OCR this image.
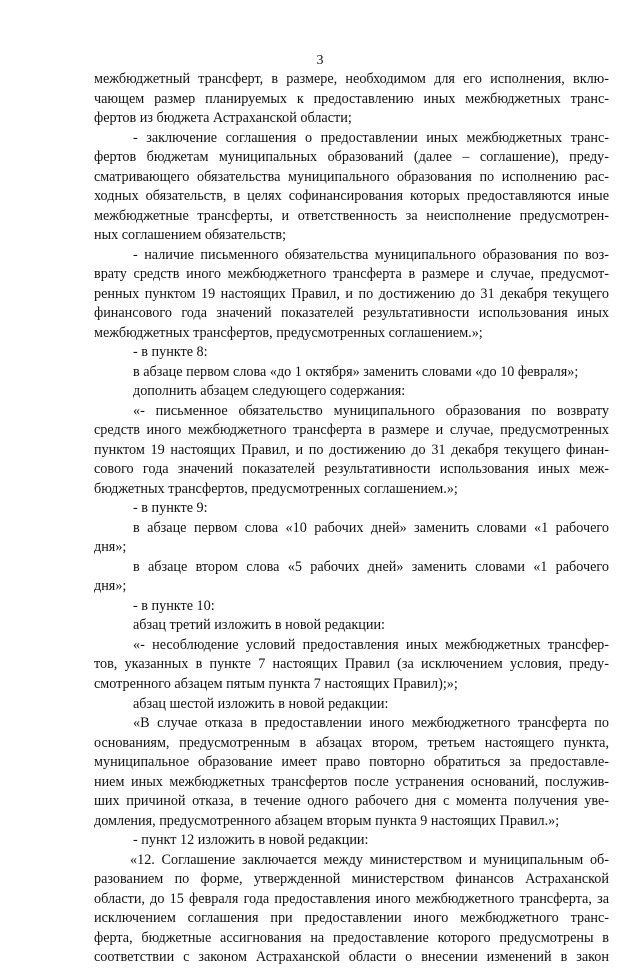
3
межбюджетный трансферт, в размере, необходимом для его исполнения, вклю-
чающем размер планируемых к предоставлению иных межбюджетных транс-
фертов из бюджета Астраханской области;
- заключение соглашения о предоставлении иных межбюджетных транс-
фертов бюджетам муниципальных образований (далее – соглашение), преду-
сматривающего обязательства муниципального образования по исполнению рас-
ходных обязательств, в целях софинансирования которых предоставляются иные
межбюджетные трансферты, и ответственность за неисполнение предусмотрен-
ных соглашением обязательств;
- наличие письменного обязательства муниципального образования по воз-
врату средств иного межбюджетного трансферта в размере и случае, предусмот-
ренных пунктом 19 настоящих Правил, и по достижению до 31 декабря текущего
финансового года значений показателей результативности использования иных
межбюджетных трансфертов, предусмотренных соглашением.»;
- в пункте 8:
в абзаце первом слова «до 1 октября» заменить словами «до 10 февраля»;
дополнить абзацем следующего содержания:
«- письменное обязательство муниципального образования по возврату
средств иного межбюджетного трансферта в размере и случае, предусмотренных
пунктом 19 настоящих Правил, и по достижению до 31 декабря текущего финан-
сового года значений показателей результативности использования иных меж-
бюджетных трансфертов, предусмотренных соглашением.»;
- в пункте 9:
в абзаце первом слова «10 рабочих дней» заменить словами «1 рабочего
дня»;
в абзаце втором слова «5 рабочих дней» заменить словами «1 рабочего
дня»;
- в пункте 10:
абзац третий изложить в новой редакции:
«- несоблюдение условий предоставления иных межбюджетных трансфер-
тов, указанных в пункте 7 настоящих Правил (за исключением условия, преду-
смотренного абзацем пятым пункта 7 настоящих Правил);»;
абзац шестой изложить в новой редакции:
«В случае отказа в предоставлении иного межбюджетного трансферта по
основаниям, предусмотренным в абзацах втором, третьем настоящего пункта,
муниципальное образование имеет право повторно обратиться за предоставле-
нием иных межбюджетных трансфертов после устранения оснований, послужив-
ших причиной отказа, в течение одного рабочего дня с момента получения уве-
домления, предусмотренного абзацем вторым пункта 9 настоящих Правил.»;
- пункт 12 изложить в новой редакции:
«12. Соглашение заключается между министерством и муниципальным об-
разованием по форме, утвержденной министерством финансов Астраханской
области, до 15 февраля года предоставления иного межбюджетного трансферта, за
исключением соглашения при предоставлении иного межбюджетного транс-
ферта, бюджетные ассигнования на предоставление которого предусмотрены в
соответствии с законом Астраханской области о внесении изменений в закон
